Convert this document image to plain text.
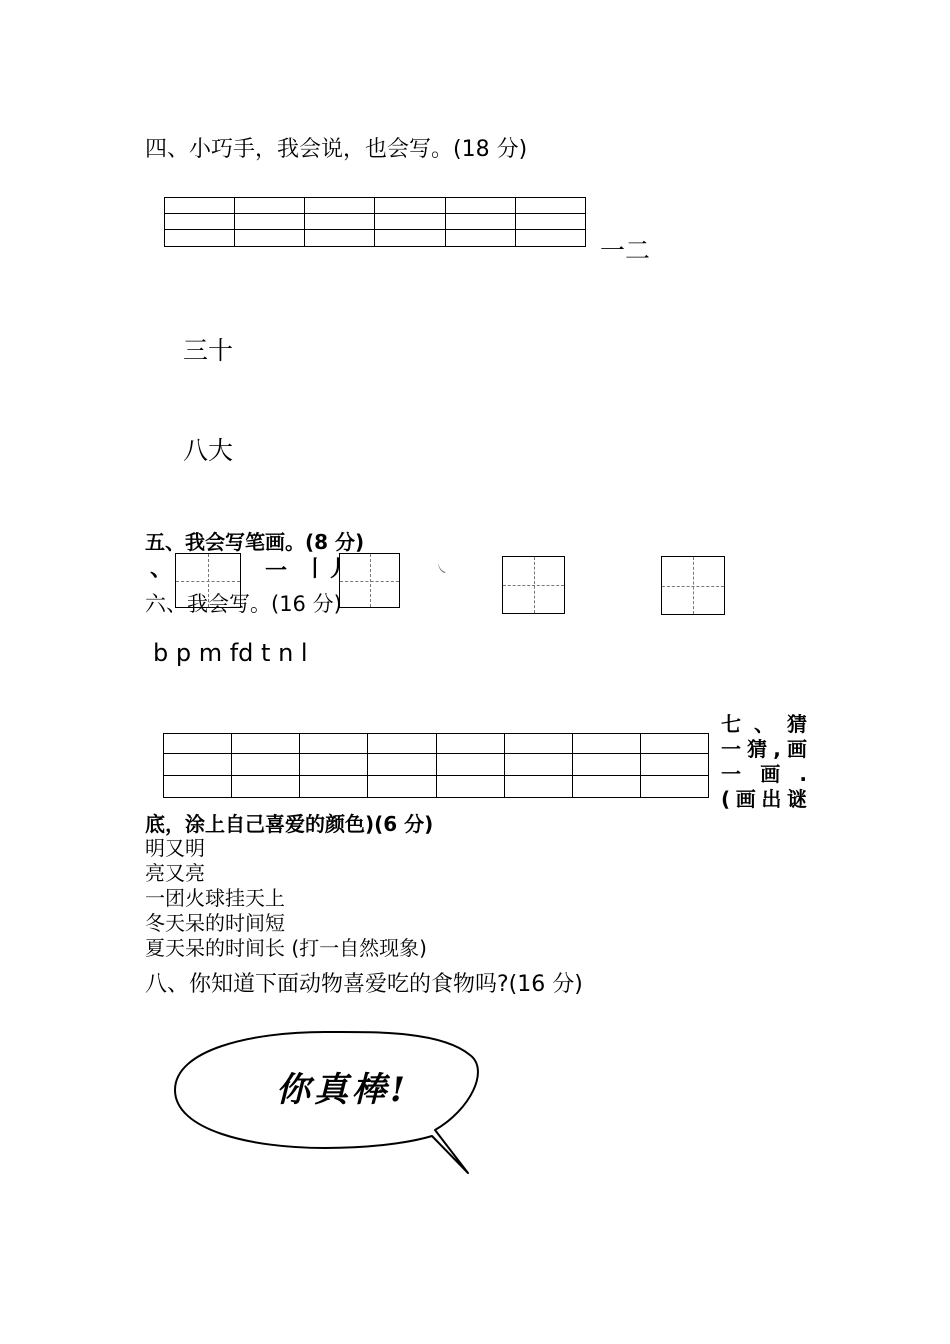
四、小巧手，我会说，也会写。(18 分)

一二
三十
八大
五、我会写笔画。(8 分)
、	一 丨丿	㇏
六、我会写。(16 分)
b p m fd t n l

七 、 猜
一猜,画
一 画 .
(画出谜
底，涂上自己喜爱的颜色)(6 分)
明又明
亮又亮
一团火球挂天上
冬天呆的时间短
夏天呆的时间长 (打一自然现象)
八、你知道下面动物喜爱吃的食物吗?(16 分)
你真棒!
